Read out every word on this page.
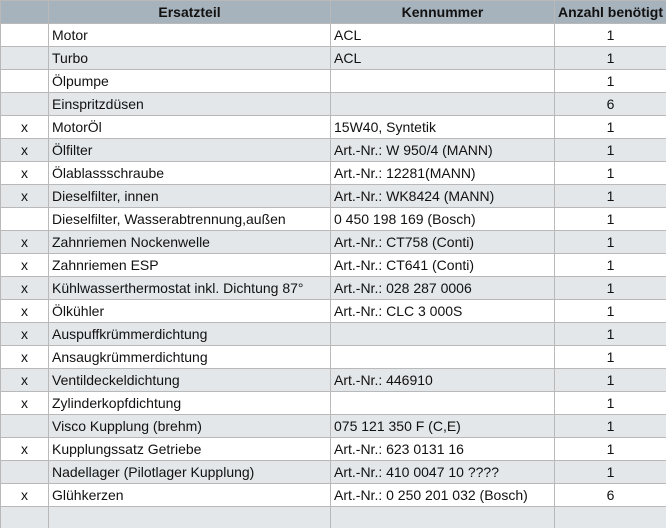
	Ersatzteil	Kennummer	Anzahl benötigt
	Motor	ACL	1
	Turbo	ACL	1
	Ölpumpe		1
	Einspritzdüsen		6
x	MotorÖl	15W40, Syntetik	1
x	Ölfilter	Art.-Nr.: W 950/4 (MANN)	1
x	Ölablassschraube	Art.-Nr.: 12281(MANN)	1
x	Dieselfilter, innen	Art.-Nr.: WK8424 (MANN)	1
	Dieselfilter, Wasserabtrennung,außen	0 450 198 169 (Bosch)	1
x	Zahnriemen Nockenwelle	Art.-Nr.: CT758 (Conti)	1
x	Zahnriemen ESP	Art.-Nr.: CT641 (Conti)	1
x	Kühlwasserthermostat inkl. Dichtung 87°	Art.-Nr.: 028 287 0006	1
x	Ölkühler	Art.-Nr.: CLC 3 000S	1
x	Auspuffkrümmerdichtung		1
x	Ansaugkrümmerdichtung		1
x	Ventildeckeldichtung	Art.-Nr.: 446910	1
x	Zylinderkopfdichtung		1
	Visco Kupplung (brehm)	075 121 350 F (C,E)	1
x	Kupplungssatz Getriebe	Art.-Nr.: 623 0131 16	1
	Nadellager (Pilotlager Kupplung)	Art.-Nr.: 410 0047 10 ????	1
x	Glühkerzen	Art.-Nr.: 0 250 201 032 (Bosch)	6
